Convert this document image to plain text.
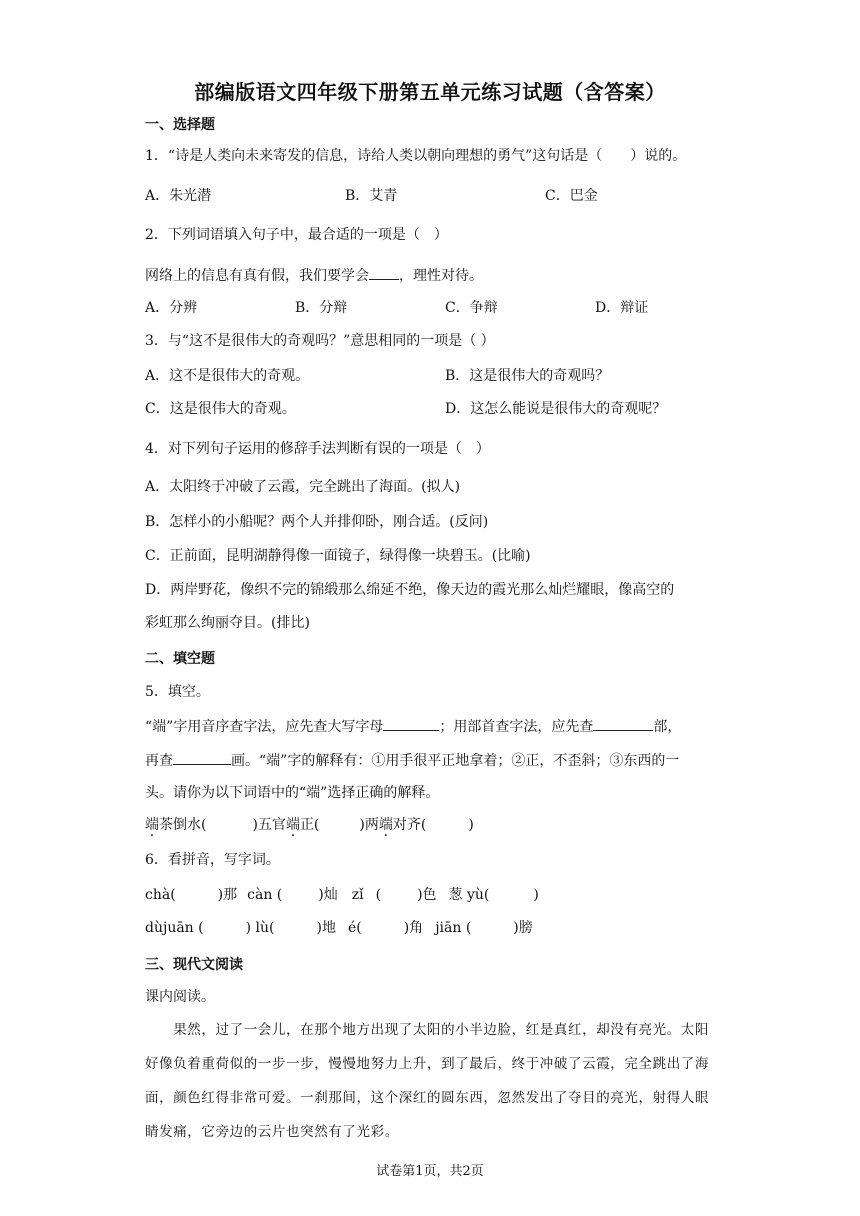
部编版语文四年级下册第五单元练习试题（含答案）
一、选择题
1．“诗是人类向未来寄发的信息，诗给人类以朝向理想的勇气”这句话是（　　）说的。
A．朱光潜	B．艾青	C．巴金
2．下列词语填入句子中，最合适的一项是（　）
网络上的信息有真有假，我们要学会 ，理性对待。
A．分辨	B．分辩	C．争辩	D．辩证
3．与“这不是很伟大的奇观吗？”意思相同的一项是（ ）
A．这不是很伟大的奇观。	B．这是很伟大的奇观吗？
C．这是很伟大的奇观。	D．这怎么能说是很伟大的奇观呢？
4．对下列句子运用的修辞手法判断有误的一项是（　）
A．太阳终于冲破了云霞，完全跳出了海面。(拟人)
B．怎样小的小船呢？两个人并排仰卧，刚合适。(反问)
C．正前面，昆明湖静得像一面镜子，绿得像一块碧玉。(比喻)
D．两岸野花，像织不完的锦缎那么绵延不绝，像天边的霞光那么灿烂耀眼，像高空的
彩虹那么绚丽夺目。(排比)
二、填空题
5．填空。
“端”字用音序查字法，应先查大写字母	；用部首查字法，应先查	部，
再查	画。“端”字的解释有：①用手很平正地拿着；②正，不歪斜；③东西的一
头。请你为以下词语中的“端”选择正确的解释。
端茶倒水(	)五官端正(	)两端对齐(	)
6．看拼音，写字词。
chà(	)那 càn (	)灿 zǐ (	)色 葱 yù(	)
dùjuān (	) lù(	)地 é(	)角 jiān (	)膀
三、现代文阅读
课内阅读。
　　果然，过了一会儿，在那个地方出现了太阳的小半边脸，红是真红，却没有亮光。太阳好像负着重荷似的一步一步，慢慢地努力上升，到了最后，终于冲破了云霞，完全跳出了海面，颜色红得非常可爱。一刹那间，这个深红的圆东西，忽然发出了夺目的亮光，射得人眼睛发痛，它旁边的云片也突然有了光彩。
试卷第1页，共2页
